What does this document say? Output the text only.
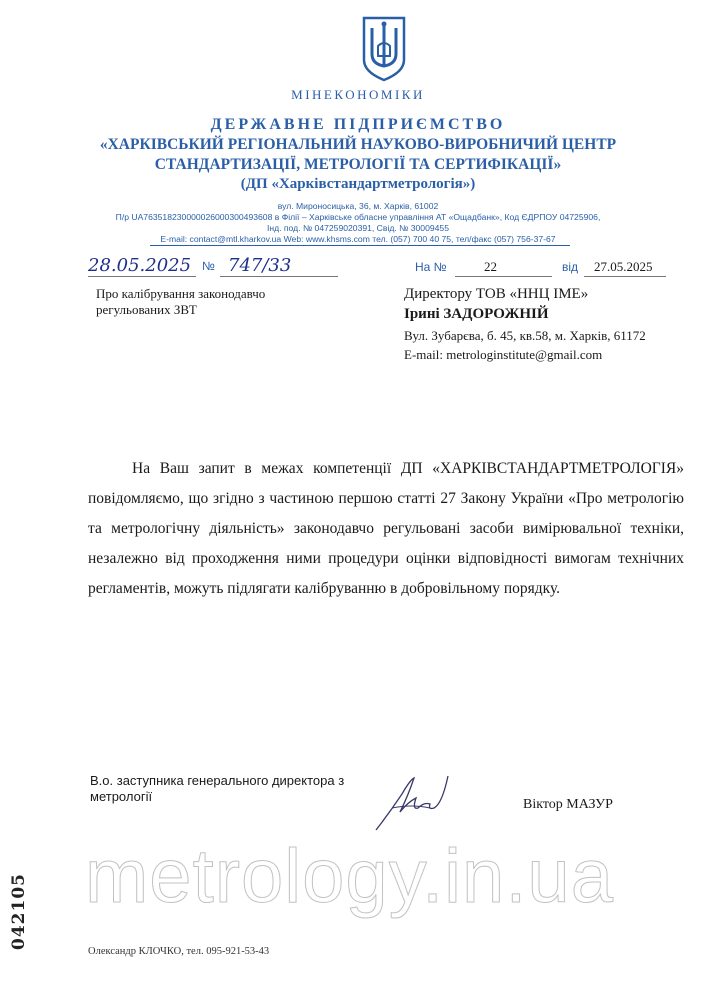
МІНЕКОНОМІКИ
ДЕРЖАВНЕ ПІДПРИЄМСТВО
«ХАРКІВСЬКИЙ РЕГІОНАЛЬНИЙ НАУКОВО-ВИРОБНИЧИЙ ЦЕНТР
СТАНДАРТИЗАЦІЇ, МЕТРОЛОГІЇ ТА СЕРТИФІКАЦІЇ»
(ДП «Харківстандартметрологія»)
вул. Мироносицька, 36, м. Харків, 61002
П/р UA763518230000026000300493608 в Філії – Харківське обласне управління АТ «Ощадбанк», Код ЄДРПОУ 04725906,
Інд. под. № 047259020391, Свід. № 30009455
E-mail: contact@mtl.kharkov.ua Web: www.khsms.com тел. (057) 700 40 75, тел/факс (057) 756-37-67
28.05.2025 № 747/33	На №	22	від 27.05.2025
Про калібрування законодавчо регульованих ЗВТ
Директору ТОВ «ННЦ ІМЕ»
Ірині ЗАДОРОЖНІЙ
Вул. Зубарєва, б. 45, кв.58, м. Харків, 61172
E-mail: metrologinstitute@gmail.com

На Ваш запит в межах компетенції ДП «ХАРКІВСТАНДАРТМЕТРОЛОГІЯ» повідомляємо, що згідно з частиною першою статті 27 Закону України «Про метрологію та метрологічну діяльність» законодавчо регульовані засоби вимірювальної техніки, незалежно від проходження ними процедури оцінки відповідності вимогам технічних регламентів, можуть підлягати калібруванню в добровільному порядку.

В.о. заступника генерального директора з метрології
Віктор МАЗУР
metrology.in.ua
042105
Олександр КЛОЧКО, тел. 095-921-53-43
